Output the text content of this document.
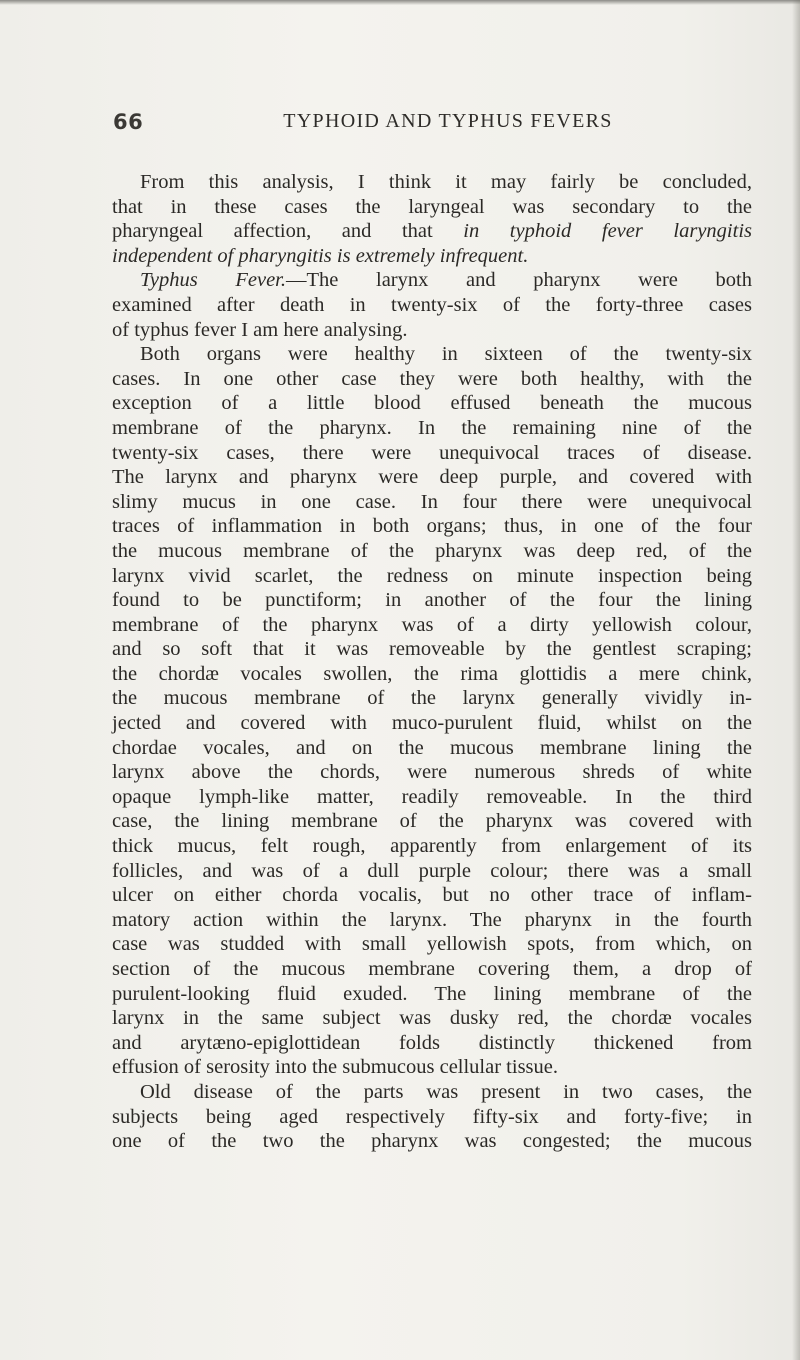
66	TYPHOID AND TYPHUS FEVERS
From this analysis, I think it may fairly be concluded,
that in these cases the laryngeal was secondary to the
pharyngeal affection, and that in typhoid fever laryngitis
independent of pharyngitis is extremely infrequent.
Typhus Fever.—The larynx and pharynx were both
examined after death in twenty-six of the forty-three cases
of typhus fever I am here analysing.
Both organs were healthy in sixteen of the twenty-six
cases. In one other case they were both healthy, with the
exception of a little blood effused beneath the mucous
membrane of the pharynx. In the remaining nine of the
twenty-six cases, there were unequivocal traces of disease.
The larynx and pharynx were deep purple, and covered with
slimy mucus in one case. In four there were unequivocal
traces of inflammation in both organs; thus, in one of the four
the mucous membrane of the pharynx was deep red, of the
larynx vivid scarlet, the redness on minute inspection being
found to be punctiform; in another of the four the lining
membrane of the pharynx was of a dirty yellowish colour,
and so soft that it was removeable by the gentlest scraping;
the chordæ vocales swollen, the rima glottidis a mere chink,
the mucous membrane of the larynx generally vividly in-
jected and covered with muco-purulent fluid, whilst on the
chordae vocales, and on the mucous membrane lining the
larynx above the chords, were numerous shreds of white
opaque lymph-like matter, readily removeable. In the third
case, the lining membrane of the pharynx was covered with
thick mucus, felt rough, apparently from enlargement of its
follicles, and was of a dull purple colour; there was a small
ulcer on either chorda vocalis, but no other trace of inflam-
matory action within the larynx. The pharynx in the fourth
case was studded with small yellowish spots, from which, on
section of the mucous membrane covering them, a drop of
purulent-looking fluid exuded. The lining membrane of the
larynx in the same subject was dusky red, the chordæ vocales
and arytæno-epiglottidean folds distinctly thickened from
effusion of serosity into the submucous cellular tissue.
Old disease of the parts was present in two cases, the
subjects being aged respectively fifty-six and forty-five; in
one of the two the pharynx was congested; the mucous
